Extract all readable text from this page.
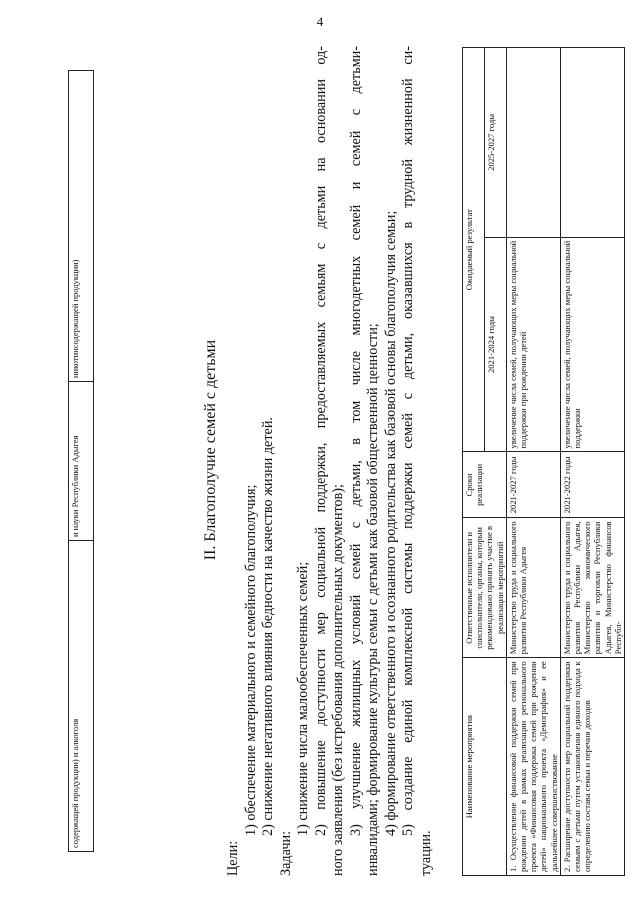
4
содержащей продукции) и алкоголя	и науки Республики Адыгея	никотинсодержащей продукции)
II. Благополучие семей с детьми

Цели:

1) обеспечение материального и семейного благополучия; 2) снижение негативного влияния бедности на качество жизни детей.

Задачи:

1) снижение числа малообеспеченных семей; 2) повышение доступности мер социальной поддержки, предоставляемых семьям с детьми на основании од- ного заявления (без истребования дополнительных документов); 3) улучшение жилищных условий семей с детьми, в том числе многодетных семей и семей с детьми- инвалидами; формирование культуры семьи с детьми как базовой общественной ценности; 4) формирование ответственного и осознанного родительства как базовой основы благополучия семьи; 5) создание единой комплексной системы поддержки семей с детьми, оказавшихся в трудной жизненной си-

туации.

Наименование мероприятия	Ответственные исполнители и соисполнители, органы, которым рекомендовано принять участие в реализации мероприятий	Сроки реализации	Ожидаемый результат	
			2021-2024 годы	2025-2027 годы
1. Осуществление финансовой поддержки семей при рождении детей в рамках реализации регионального проекта «Финансовая поддержка семей при рождении детей» национального проекта «Демография» и ее дальнейшее совершенствование	Министерство труда и социального развития Республики Адыгея	2021-2027 годы	увеличение числа семей, получающих меры социальной поддержки при рождении детей	
2. Расширение доступности мер социальной поддержки семьям с детьми путем установления единого подхода к определению состава семьи и перечня доходов	Министерство труда и социального развития Республики Адыгея, Министерство экономического развития и торговли Республики Адыгея, Министерство финансов Республ-	2021-2022 годы	увеличение числа семей, получающих меры социальной поддержки	
